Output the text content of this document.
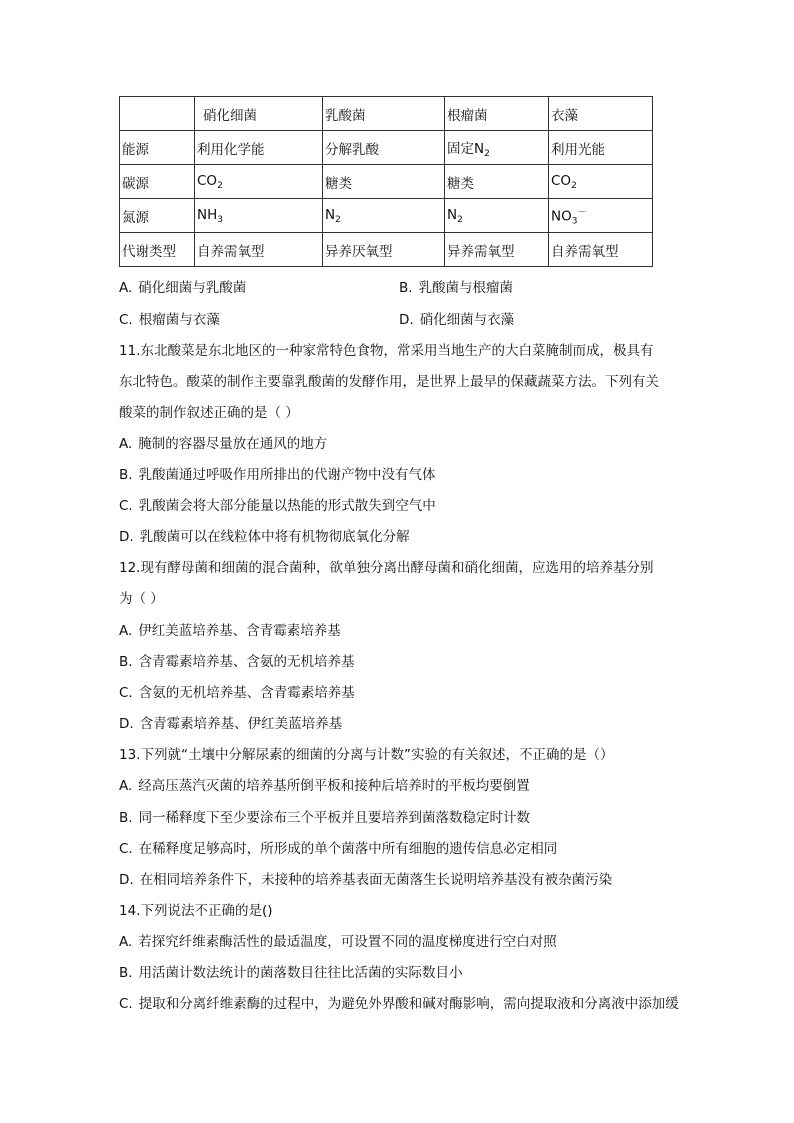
	硝化细菌	乳酸菌	根瘤菌	衣藻
能源	利用化学能	分解乳酸	固定$N_2$	利用光能
碳源	$CO_2$	糖类	糖类	$CO_2$
氮源	$NH_3$	$N_2$	$N_2$	$NO_3^-$
代谢类型	自养需氧型	异养厌氧型	异养需氧型	自养需氧型
A. 硝化细菌与乳酸菌	B. 乳酸菌与根瘤菌
C. 根瘤菌与衣藻	D. 硝化细菌与衣藻
11.东北酸菜是东北地区的一种家常特色食物，常采用当地生产的大白菜腌制而成，极具有
东北特色。酸菜的制作主要靠乳酸菌的发酵作用，是世界上最早的保藏蔬菜方法。下列有关
酸菜的制作叙述正确的是（ ）
A. 腌制的容器尽量放在通风的地方
B. 乳酸菌通过呼吸作用所排出的代谢产物中没有气体
C. 乳酸菌会将大部分能量以热能的形式散失到空气中
D. 乳酸菌可以在线粒体中将有机物彻底氧化分解
12.现有酵母菌和细菌的混合菌种，欲单独分离出酵母菌和硝化细菌，应选用的培养基分别
为（ ）
A. 伊红美蓝培养基、含青霉素培养基
B. 含青霉素培养基、含氨的无机培养基
C. 含氨的无机培养基、含青霉素培养基
D. 含青霉素培养基、伊红美蓝培养基
13.下列就“土壤中分解尿素的细菌的分离与计数”实验的有关叙述，不正确的是（）
A. 经高压蒸汽灭菌的培养基所倒平板和接种后培养时的平板均要倒置
B. 同一稀释度下至少要涂布三个平板并且要培养到菌落数稳定时计数
C. 在稀释度足够高时，所形成的单个菌落中所有细胞的遗传信息必定相同
D. 在相同培养条件下，未接种的培养基表面无菌落生长说明培养基没有被杂菌污染
14.下列说法不正确的是()
A. 若探究纤维素酶活性的最适温度，可设置不同的温度梯度进行空白对照
B. 用活菌计数法统计的菌落数目往往比活菌的实际数目小
C. 提取和分离纤维素酶的过程中，为避免外界酸和碱对酶影响，需向提取液和分离液中添加缓
